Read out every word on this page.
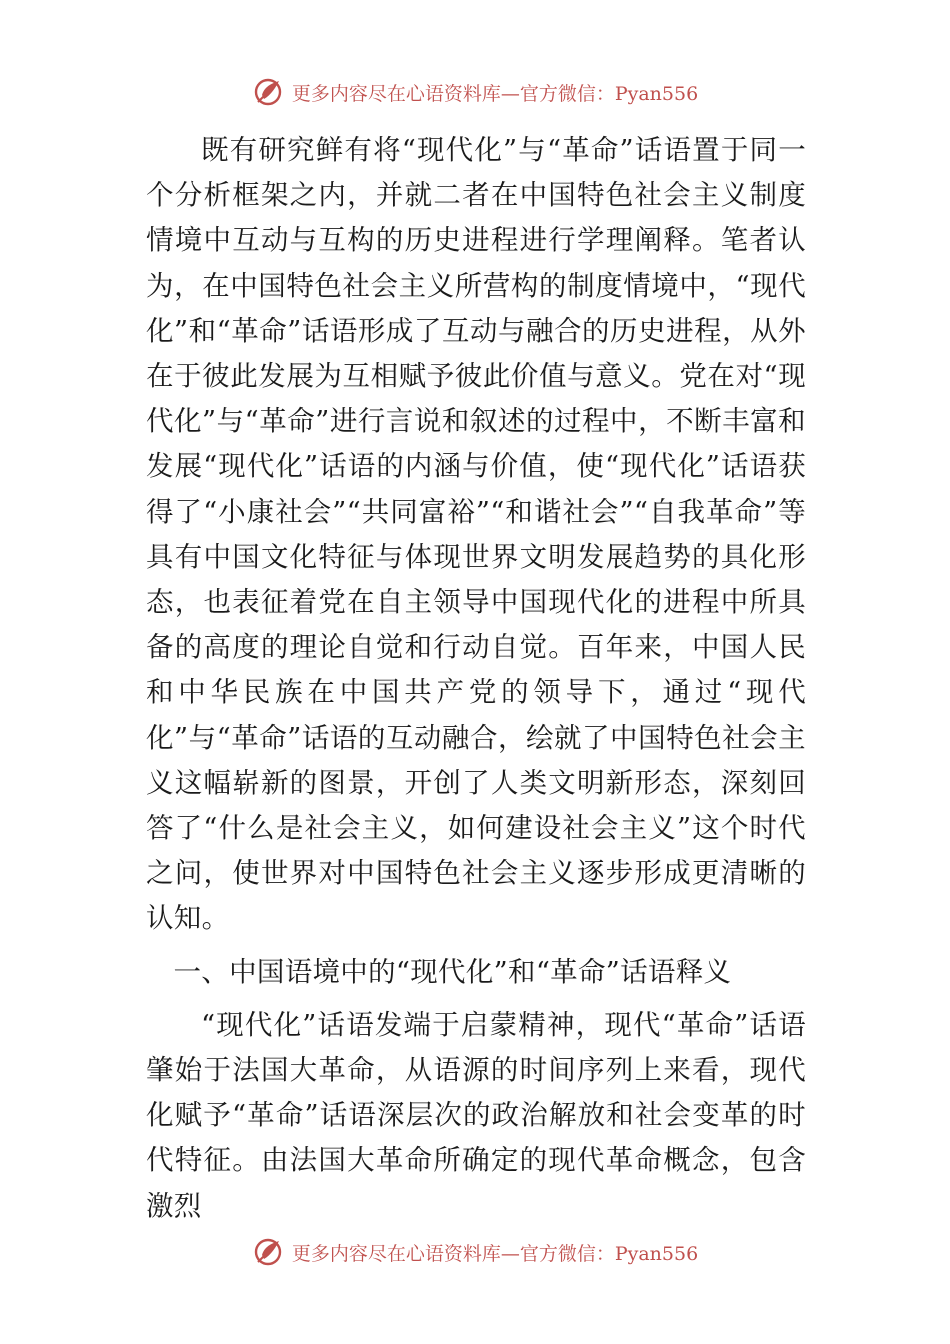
更多内容尽在心语资料库—官方微信：Pyan556

既有研究鲜有将“现代化”与“革命”话语置于同一个分析框架之内，并就二者在中国特色社会主义制度情境中互动与互构的历史进程进行学理阐释。笔者认为，在中国特色社会主义所营构的制度情境中，“现代化”和“革命”话语形成了互动与融合的历史进程，从外在于彼此发展为互相赋予彼此价值与意义。党在对“现代化”与“革命”进行言说和叙述的过程中，不断丰富和发展“现代化”话语的内涵与价值，使“现代化”话语获得了“小康社会”“共同富裕”“和谐社会”“自我革命”等具有中国文化特征与体现世界文明发展趋势的具化形态，也表征着党在自主领导中国现代化的进程中所具备的高度的理论自觉和行动自觉。百年来，中国人民和中华民族在中国共产党的领导下，通过“现代化”与“革命”话语的互动融合，绘就了中国特色社会主义这幅崭新的图景，开创了人类文明新形态，深刻回答了“什么是社会主义，如何建设社会主义”这个时代之问，使世界对中国特色社会主义逐步形成更清晰的认知。

一、中国语境中的“现代化”和“革命”话语释义

“现代化”话语发端于启蒙精神，现代“革命”话语肇始于法国大革命，从语源的时间序列上来看，现代化赋予“革命”话语深层次的政治解放和社会变革的时代特征。由法国大革命所确定的现代革命概念，包含激烈

更多内容尽在心语资料库—官方微信：Pyan556
